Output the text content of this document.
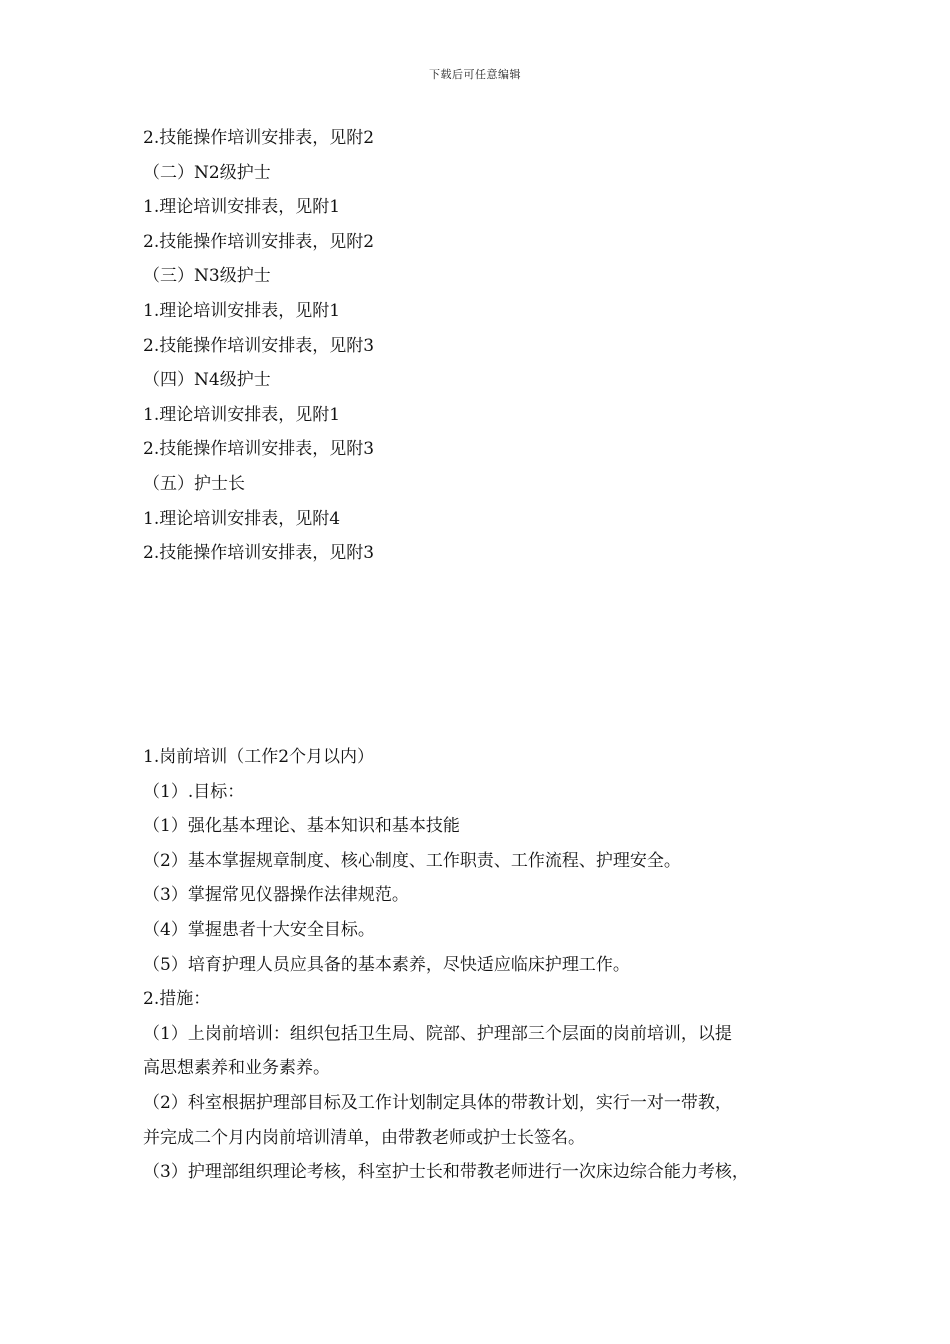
下载后可任意编辑
2.技能操作培训安排表，见附2
（二）N2级护士
1.理论培训安排表，见附1
2.技能操作培训安排表，见附2
（三）N3级护士
1.理论培训安排表，见附1
2.技能操作培训安排表，见附3
（四）N4级护士
1.理论培训安排表，见附1
2.技能操作培训安排表，见附3
（五）护士长
1.理论培训安排表，见附4
2.技能操作培训安排表，见附3
1.岗前培训（工作2个月以内）
（1）.目标：
（1）强化基本理论、基本知识和基本技能
（2）基本掌握规章制度、核心制度、工作职责、工作流程、护理安全。
（3）掌握常见仪器操作法律规范。
（4）掌握患者十大安全目标。
（5）培育护理人员应具备的基本素养，尽快适应临床护理工作。
2.措施：
（1）上岗前培训：组织包括卫生局、院部、护理部三个层面的岗前培训，以提
高思想素养和业务素养。
（2）科室根据护理部目标及工作计划制定具体的带教计划，实行一对一带教，
并完成二个月内岗前培训清单，由带教老师或护士长签名。
（3）护理部组织理论考核，科室护士长和带教老师进行一次床边综合能力考核，
